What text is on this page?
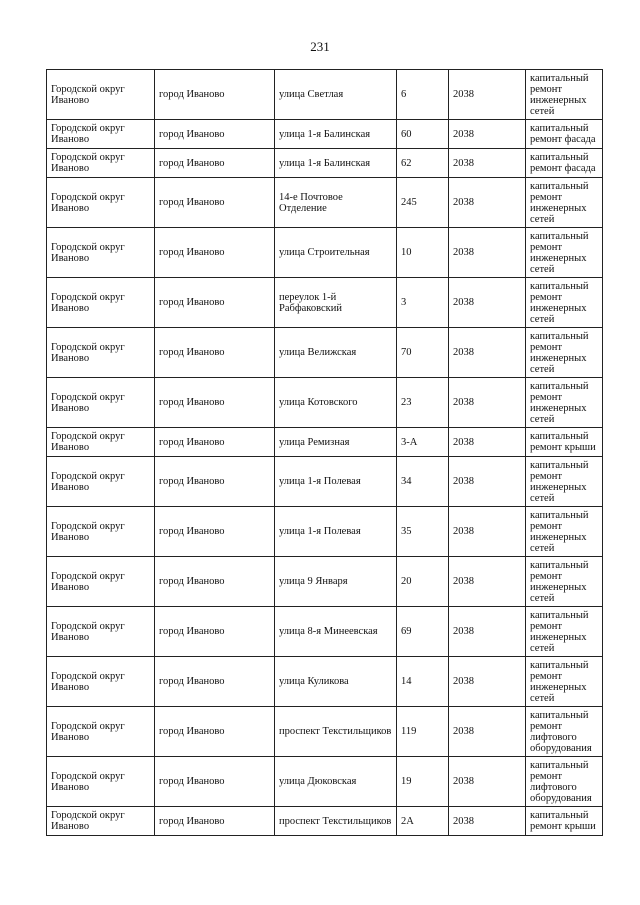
231
Городской округ Иваново	город Иваново	улица Светлая	6	2038	капитальный ремонт инженерных сетей
Городской округ Иваново	город Иваново	улица 1-я Балинская	60	2038	капитальный ремонт фасада
Городской округ Иваново	город Иваново	улица 1-я Балинская	62	2038	капитальный ремонт фасада
Городской округ Иваново	город Иваново	14-е Почтовое Отделение	245	2038	капитальный ремонт инженерных сетей
Городской округ Иваново	город Иваново	улица Строительная	10	2038	капитальный ремонт инженерных сетей
Городской округ Иваново	город Иваново	переулок 1-й Рабфаковский	3	2038	капитальный ремонт инженерных сетей
Городской округ Иваново	город Иваново	улица Велижская	70	2038	капитальный ремонт инженерных сетей
Городской округ Иваново	город Иваново	улица Котовского	23	2038	капитальный ремонт инженерных сетей
Городской округ Иваново	город Иваново	улица Ремизная	3-А	2038	капитальный ремонт крыши
Городской округ Иваново	город Иваново	улица 1-я Полевая	34	2038	капитальный ремонт инженерных сетей
Городской округ Иваново	город Иваново	улица 1-я Полевая	35	2038	капитальный ремонт инженерных сетей
Городской округ Иваново	город Иваново	улица 9 Января	20	2038	капитальный ремонт инженерных сетей
Городской округ Иваново	город Иваново	улица 8-я Минеевская	69	2038	капитальный ремонт инженерных сетей
Городской округ Иваново	город Иваново	улица Куликова	14	2038	капитальный ремонт инженерных сетей
Городской округ Иваново	город Иваново	проспект Текстильщиков	119	2038	капитальный ремонт лифтового оборудования
Городской округ Иваново	город Иваново	улица Дюковская	19	2038	капитальный ремонт лифтового оборудования
Городской округ Иваново	город Иваново	проспект Текстильщиков	2А	2038	капитальный ремонт крыши
